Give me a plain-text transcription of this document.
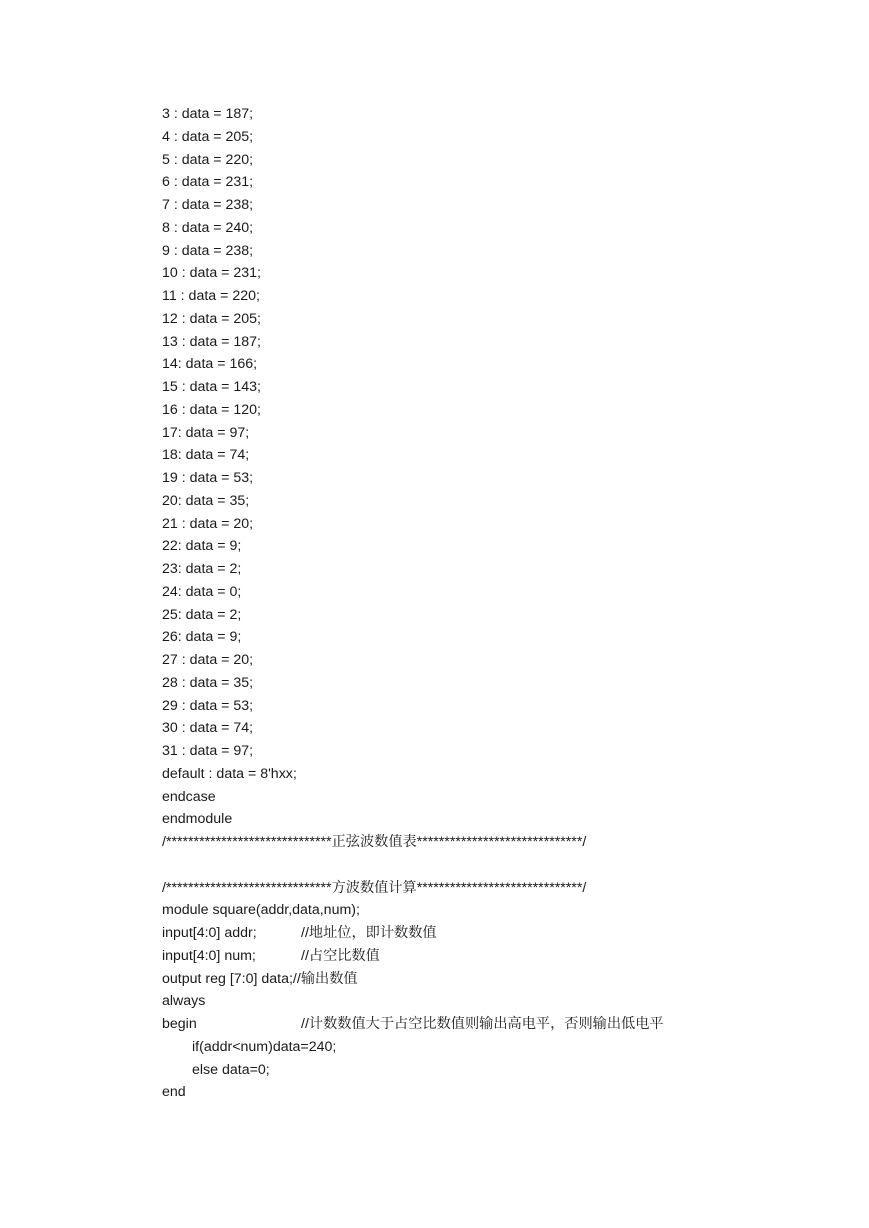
3 : data = 187;
4 : data = 205;
5 : data = 220;
6 : data = 231;
7 : data = 238;
8 : data = 240;
9 : data = 238;
10 : data = 231;
11 : data = 220;
12 : data = 205;
13 : data = 187;
14: data = 166;
15 : data = 143;
16 : data = 120;
17: data = 97;
18: data = 74;
19 : data = 53;
20: data = 35;
21 : data = 20;
22: data = 9;
23: data = 2;
24: data = 0;
25: data = 2;
26: data = 9;
27 : data = 20;
28 : data = 35;
29 : data = 53;
30 : data = 74;
31 : data = 97;
default : data = 8'hxx;
endcase
endmodule
/******************************正弦波数值表******************************/
/******************************方波数值计算******************************/
module square(addr,data,num);
input[4:0] addr;	//地址位，即计数数值
input[4:0] num;	//占空比数值
output reg [7:0] data;//输出数值
always
begin	//计数数值大于占空比数值则输出高电平，否则输出低电平
if(addr<num)data=240;
else data=0;
end
